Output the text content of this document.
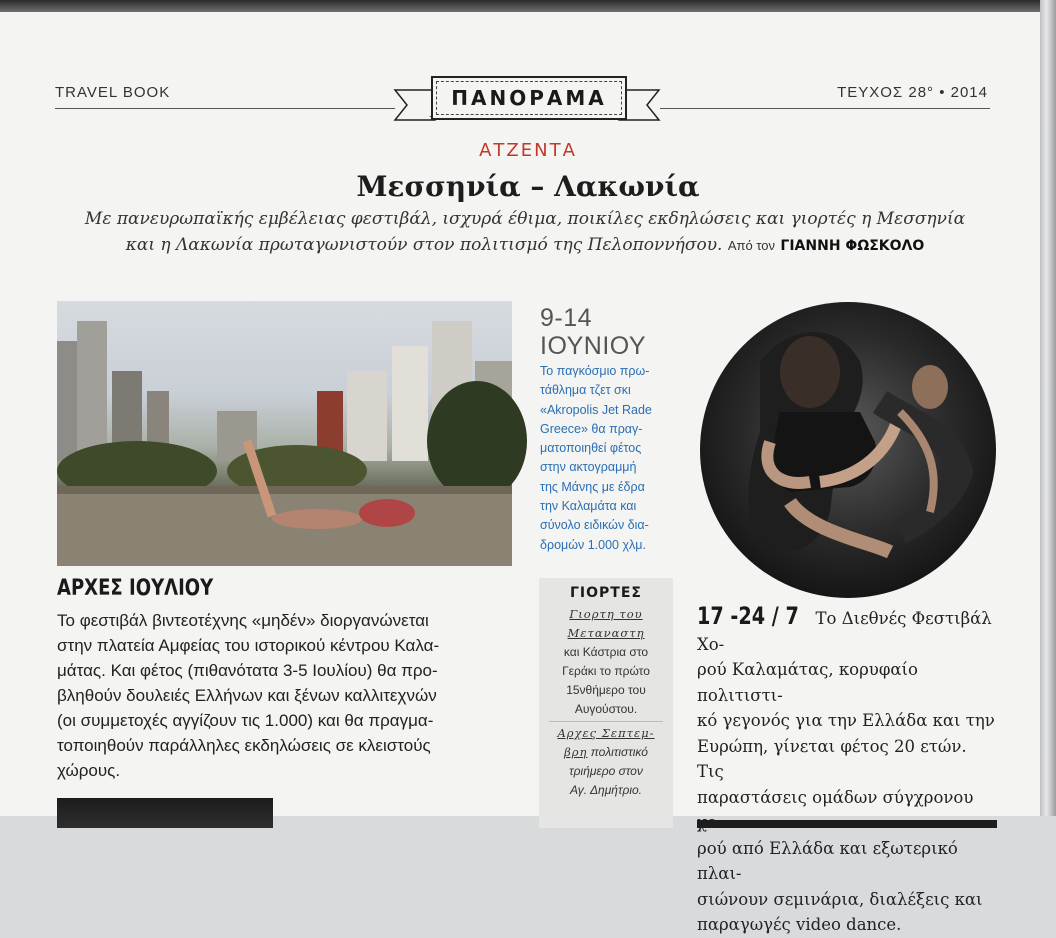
TRAVEL BOOK	ΤΕΥΧΟΣ 28° • 2014
ΠΑΝΟΡΑΜΑ
ΑΤΖΕΝΤΑ
Μεσσηνία – Λακωνία
Με πανευρωπαϊκής εμβέλειας φεστιβάλ, ισχυρά έθιμα, ποικίλες εκδηλώσεις και γιορτές η Μεσσηνία
και η Λακωνία πρωταγωνιστούν στον πολιτισμό της Πελοποννήσου. Από τον ΓΙΑΝΝΗ ΦΩΣΚΟΛΟ
ΑΡΧΕΣ ΙΟΥΛΙΟΥ

Το φεστιβάλ βιντεοτέχνης «μηδέν» διοργανώνεται

στην πλατεία Αμφείας του ιστορικού κέντρου Καλα-

μάτας. Και φέτος (πιθανότατα 3-5 Ιουλίου) θα προ-

βληθούν δουλειές Ελλήνων και ξένων καλλιτεχνών

(οι συμμετοχές αγγίζουν τις 1.000) και θα πραγμα-

τοποιηθούν παράλληλες εκδηλώσεις σε κλειστούς

χώρους.

9-14
ΙΟΥΝΙΟΥ

Το παγκόσμιο πρω-

τάθλημα τζετ σκι

«Akropolis Jet Rade

Greece» θα πραγ-

ματοποιηθεί φέτος

στην ακτογραμμή

της Μάνης με έδρα

την Καλαμάτα και

σύνολο ειδικών δια-

δρομών 1.000 χλμ.

ΓΙΟΡΤΕΣ
Γιορτη του
Μεταναστη
και Κάστρια στο
Γεράκι το πρώτο
15νθήμερο του
Αυγούστου.
Αρχες Σεπτεμ-
βρη πολιτιστικό
τριήμερο στον
Αγ. Δημήτριο.

17 -24 / 7 Το Διεθνές Φεστιβάλ Χο-

ρού Καλαμάτας, κορυφαίο πολιτιστι-

κό γεγονός για την Ελλάδα και την

Ευρώπη, γίνεται φέτος 20 ετών. Τις

παραστάσεις ομάδων σύγχρονου

ρού από Ελλάδα και εξωτερικό πλαι-

σιώνουν σεμινάρια, διαλέξεις και

παραγωγές video dance.
